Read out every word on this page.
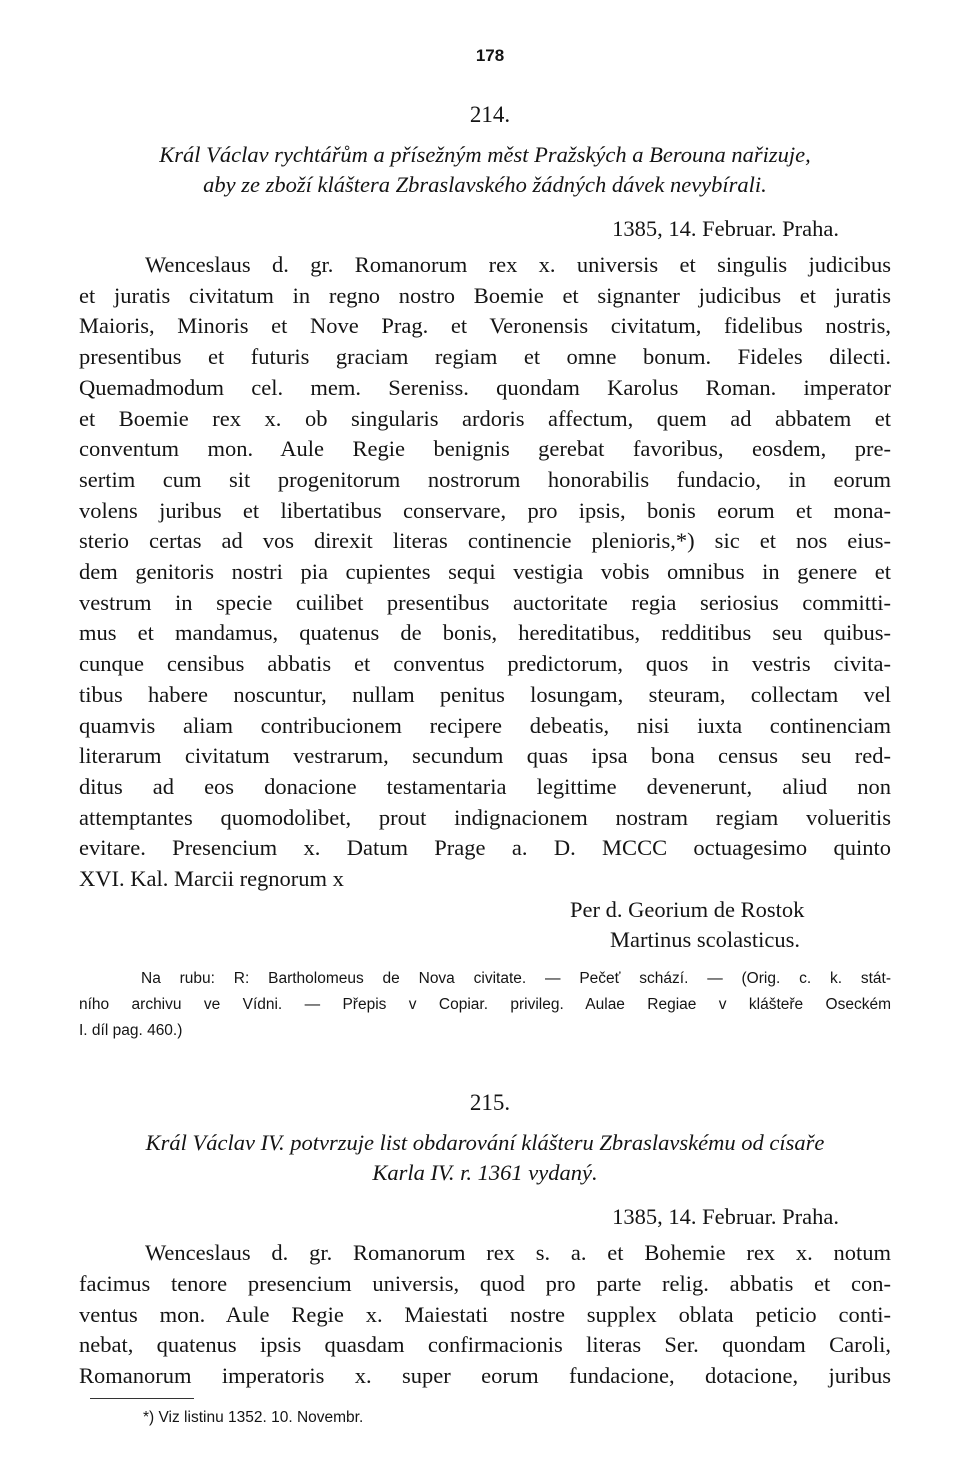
178
214.
Král Václav rychtářům a přísežným měst Pražských a Berouna nařizuje,
aby ze zboží kláštera Zbraslavského žádných dávek nevybírali.
1385, 14. Februar. Praha.
Wenceslaus d. gr. Romanorum rex x. universis et singulis judicibus
et juratis civitatum in regno nostro Boemie et signanter judicibus et juratis
Maioris, Minoris et Nove Prag. et Veronensis civitatum, fidelibus nostris,
presentibus et futuris graciam regiam et omne bonum. Fideles dilecti.
Quemadmodum cel. mem. Sereniss. quondam Karolus Roman. imperator
et Boemie rex x. ob singularis ardoris affectum, quem ad abbatem et
conventum mon. Aule Regie benignis gerebat favoribus, eosdem, pre-
sertim cum sit progenitorum nostrorum honorabilis fundacio, in eorum
volens juribus et libertatibus conservare, pro ipsis, bonis eorum et mona-
sterio certas ad vos direxit literas continencie plenioris,*) sic et nos eius-
dem genitoris nostri pia cupientes sequi vestigia vobis omnibus in genere et
vestrum in specie cuilibet presentibus auctoritate regia seriosius committi-
mus et mandamus, quatenus de bonis, hereditatibus, redditibus seu quibus-
cunque censibus abbatis et conventus predictorum, quos in vestris civita-
tibus habere noscuntur, nullam penitus losungam, steuram, collectam vel
quamvis aliam contribucionem recipere debeatis, nisi iuxta continenciam
literarum civitatum vestrarum, secundum quas ipsa bona census seu red-
ditus ad eos donacione testamentaria legittime devenerunt, aliud non
attemptantes quomodolibet, prout indignacionem nostram regiam volueritis
evitare. Presencium x. Datum Prage a. D. MCCC octuagesimo quinto
XVI. Kal. Marcii regnorum x
Per d. Georium de Rostok
Martinus scolasticus.
Na rubu: R: Bartholomeus de Nova civitate. — Pečeť schází. — (Orig. c. k. stát-
ního archivu ve Vídni. — Přepis v Copiar. privileg. Aulae Regiae v klášteře Oseckém
I. díl pag. 460.)
215.
Král Václav IV. potvrzuje list obdarování klášteru Zbraslavskému od císaře
Karla IV. r. 1361 vydaný.
1385, 14. Februar. Praha.
Wenceslaus d. gr. Romanorum rex s. a. et Bohemie rex x. notum
facimus tenore presencium universis, quod pro parte relig. abbatis et con-
ventus mon. Aule Regie x. Maiestati nostre supplex oblata peticio conti-
nebat, quatenus ipsis quasdam confirmacionis literas Ser. quondam Caroli,
Romanorum imperatoris x. super eorum fundacione, dotacione, juribus
*) Viz listinu 1352. 10. Novembr.
